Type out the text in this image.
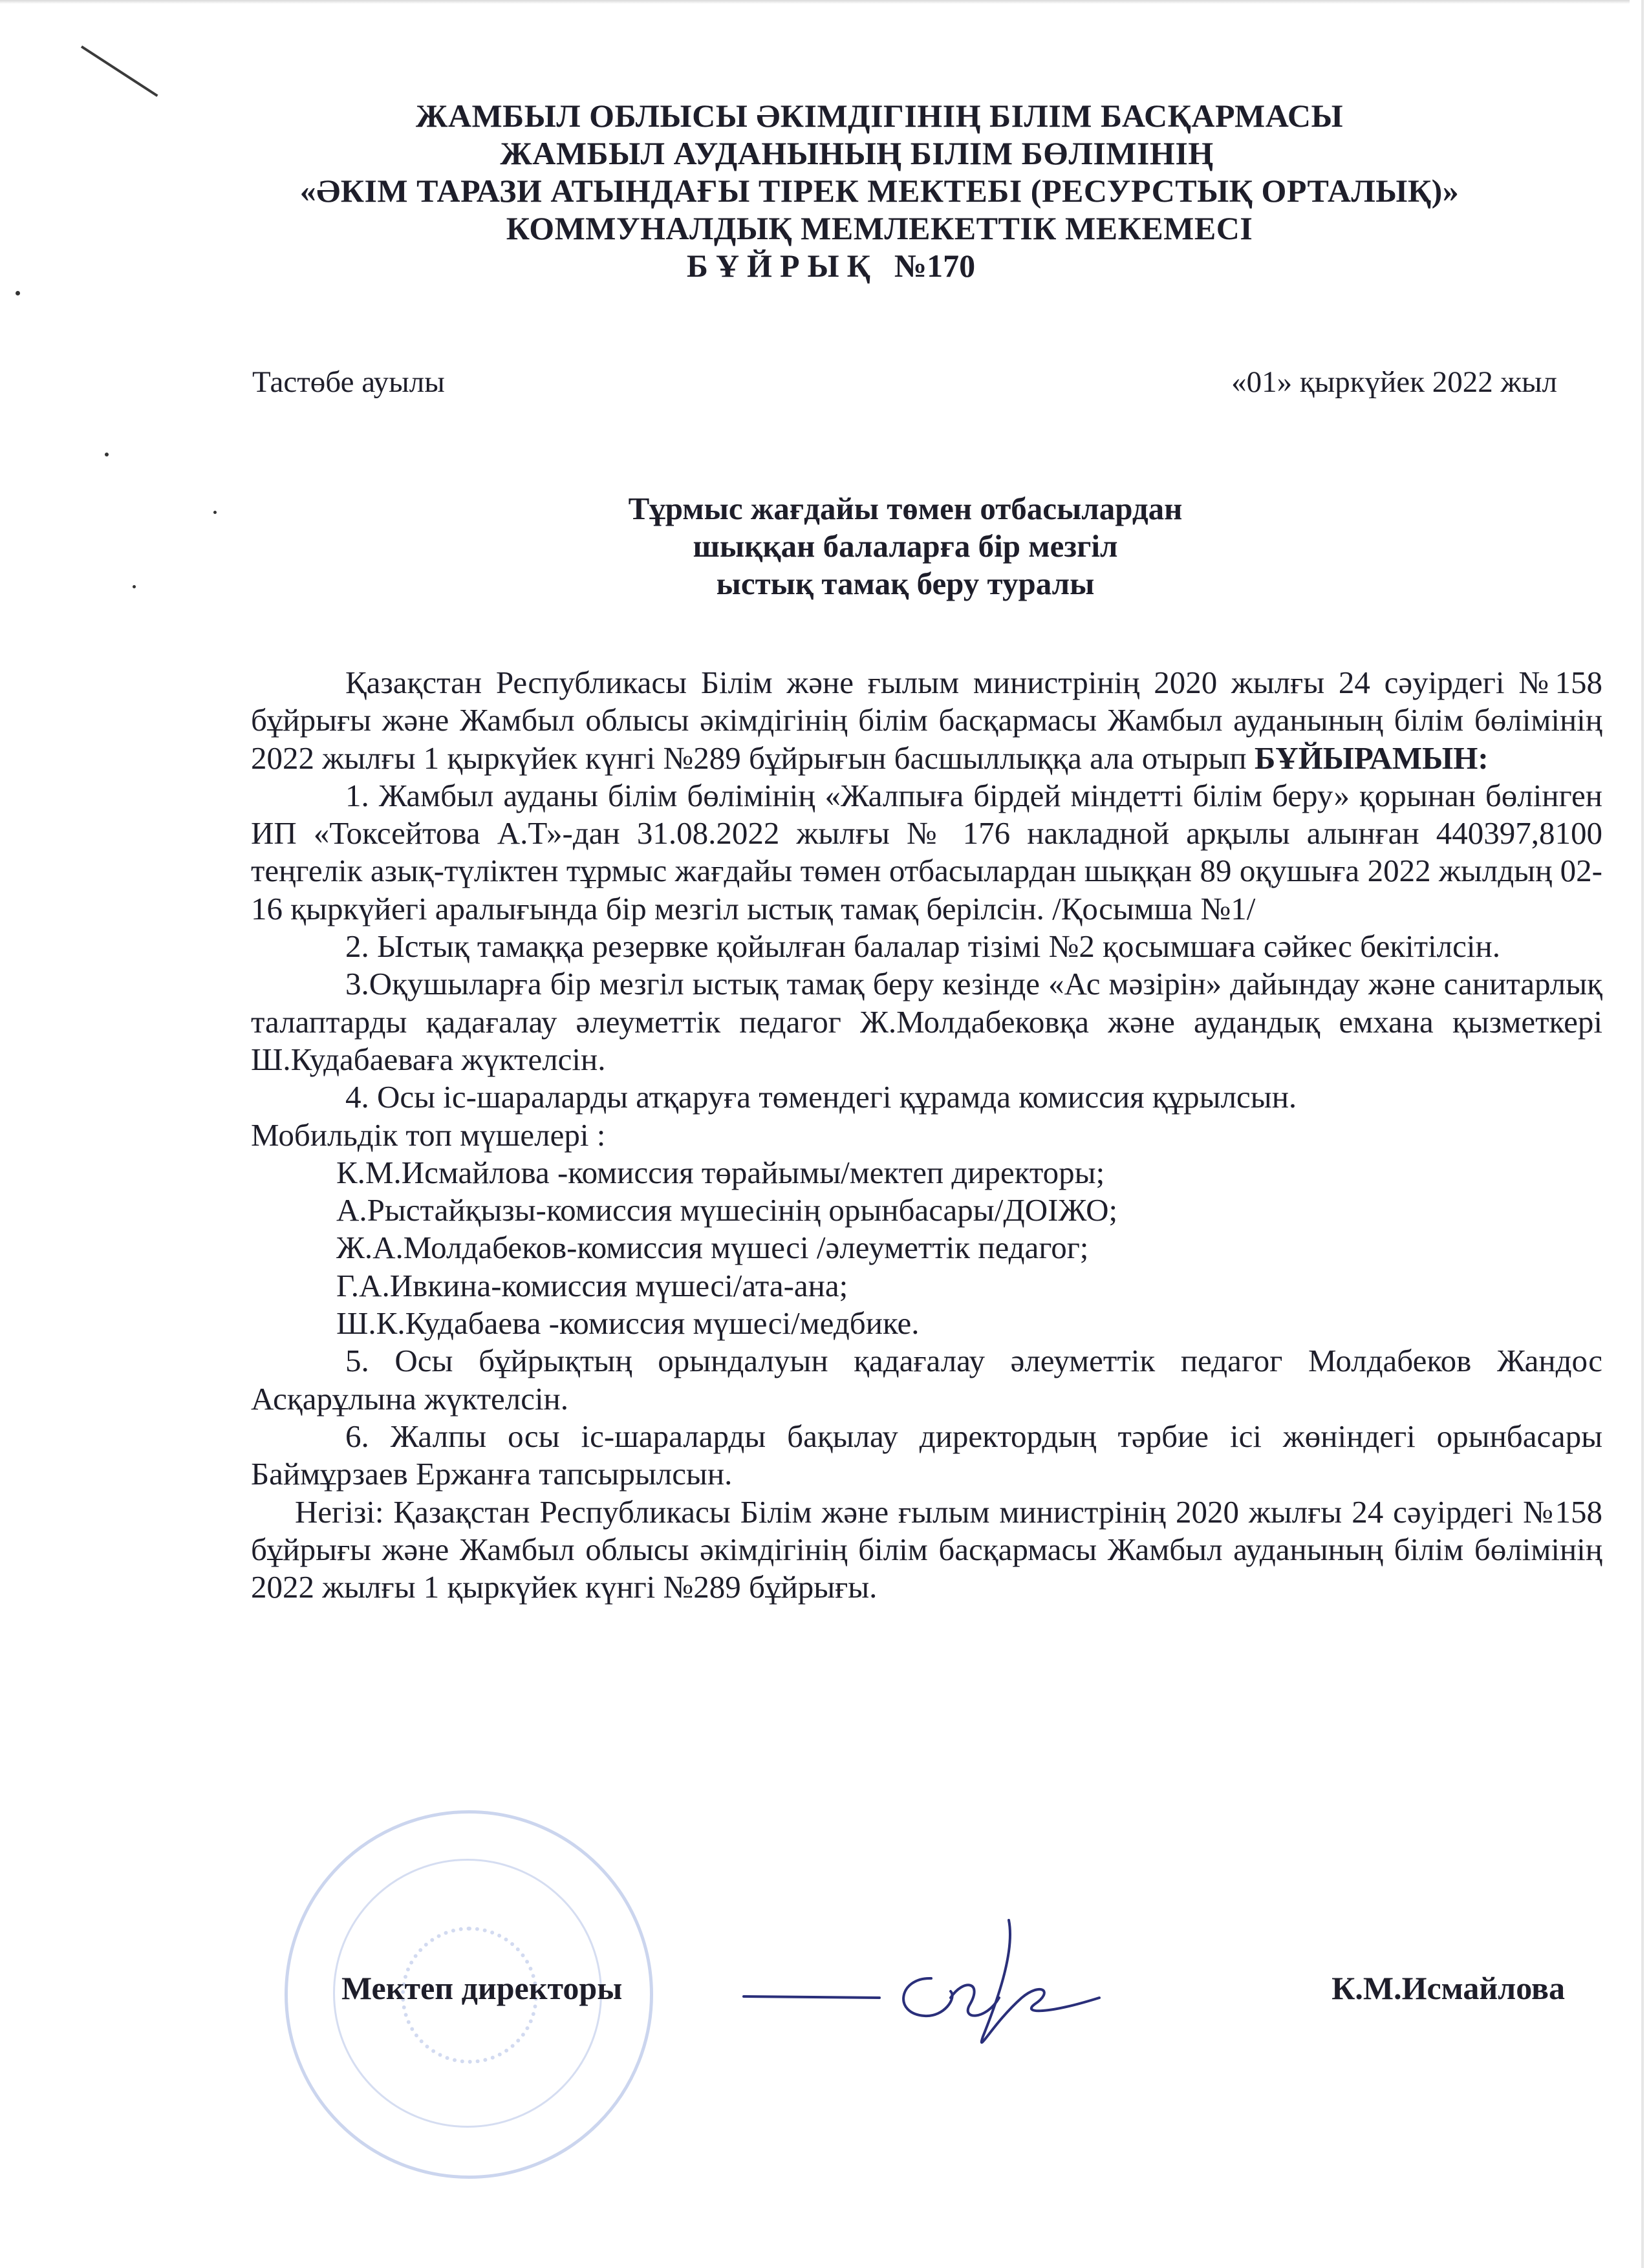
ЖАМБЫЛ ОБЛЫСЫ ӘКІМДІГІНІҢ БІЛІМ БАСҚАРМАСЫ
ЖАМБЫЛ АУДАНЫНЫҢ БІЛІМ БӨЛІМІНІҢ
«ӘКІМ ТАРАЗИ АТЫНДАҒЫ ТІРЕК МЕКТЕБІ (РЕСУРСТЫҚ ОРТАЛЫҚ)»
КОММУНАЛДЫҚ МЕМЛЕКЕТТІК МЕКЕМЕСІ
БҰЙРЫҚ №170
Тастөбе ауылы	«01» қыркүйек 2022 жыл
Тұрмыс жағдайы төмен отбасылардан
шыққан балаларға бір мезгіл
ыстық тамақ беру туралы

Қазақстан Республикасы Білім және ғылым министрінің 2020 жылғы 24 сәуірдегі №158 бұйрығы және Жамбыл облысы әкімдігінің білім басқармасы Жамбыл ауданының білім бөлімінің 2022 жылғы 1 қыркүйек күнгі №289 бұйрығын басшыллыққа ала отырып БҰЙЫРАМЫН:

1. Жамбыл ауданы білім бөлімінің «Жалпыға бірдей міндетті білім беру» қорынан бөлінген ИП «Токсейтова А.Т»-дан 31.08.2022 жылғы № 176 накладной арқылы алынған 440397,8100 теңгелік азық-түліктен тұрмыс жағдайы төмен отбасылардан шыққан 89 оқушыға 2022 жылдың 02-16 қыркүйегі аралығында бір мезгіл ыстық тамақ берілсін. /Қосымша №1/

2. Ыстық тамаққа резервке қойылған балалар тізімі №2 қосымшаға сәйкес бекітілсін.

3.Оқушыларға бір мезгіл ыстық тамақ беру кезінде «Ас мәзірін» дайындау және санитарлық талаптарды қадағалау әлеуметтік педагог Ж.Молдабековқа және аудандық емхана қызметкері Ш.Кудабаеваға жүктелсін.

4. Осы іс-шараларды атқаруға төмендегі құрамда комиссия құрылсын.

Мобильдік топ мүшелері :

К.М.Исмайлова -комиссия төрайымы/мектеп директоры;

А.Рыстайқызы-комиссия мүшесінің орынбасары/ДОІЖО;

Ж.А.Молдабеков-комиссия мүшесі /әлеуметтік педагог;

Г.А.Ивкина-комиссия мүшесі/ата-ана;

Ш.К.Кудабаева -комиссия мүшесі/медбике.

5. Осы бұйрықтың орындалуын қадағалау әлеуметтік педагог Молдабеков Жандос Асқарұлына жүктелсін.

6. Жалпы осы іс-шараларды бақылау директордың тәрбие ісі жөніндегі орынбасары Баймұрзаев Ержанға тапсырылсын.

Негізі: Қазақстан Республикасы Білім және ғылым министрінің 2020 жылғы 24 сәуірдегі №158 бұйрығы және Жамбыл облысы әкімдігінің білім басқармасы Жамбыл ауданының білім бөлімінің 2022 жылғы 1 қыркүйек күнгі №289 бұйрығы.

Мектеп директоры	К.М.Исмайлова
